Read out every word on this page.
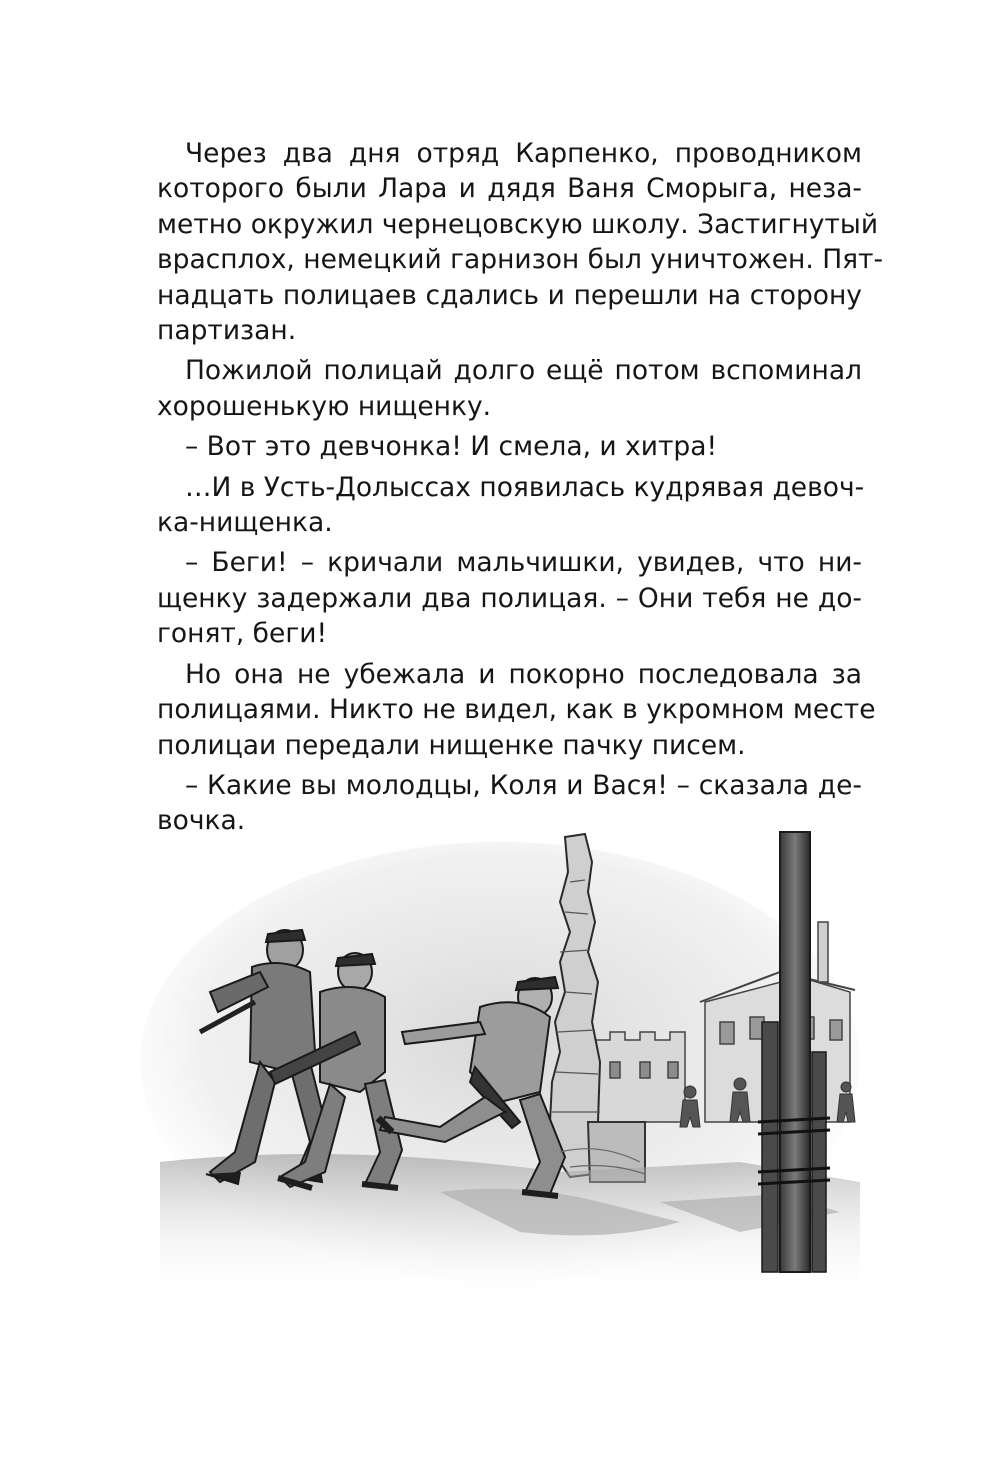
Через два дня отряд Карпенко, проводником
которого были Лара и дядя Ваня Сморыга, неза-
метно окружил чернецовскую школу. Застигнутый
врасплох, немецкий гарнизон был уничтожен. Пят-
надцать полицаев сдались и перешли на сторону
партизан.
Пожилой полицай долго ещё потом вспоминал
хорошенькую нищенку.
– Вот это девчонка! И смела, и хитра!
…И в Усть-Долыссах появилась кудрявая девоч-
ка-нищенка.
– Беги! – кричали мальчишки, увидев, что ни-
щенку задержали два полицая. – Они тебя не до-
гонят, беги!
Но она не убежала и покорно последовала за
полицаями. Никто не видел, как в укромном месте
полицаи передали нищенке пачку писем.
– Какие вы молодцы, Коля и Вася! – сказала де-
вочка.
